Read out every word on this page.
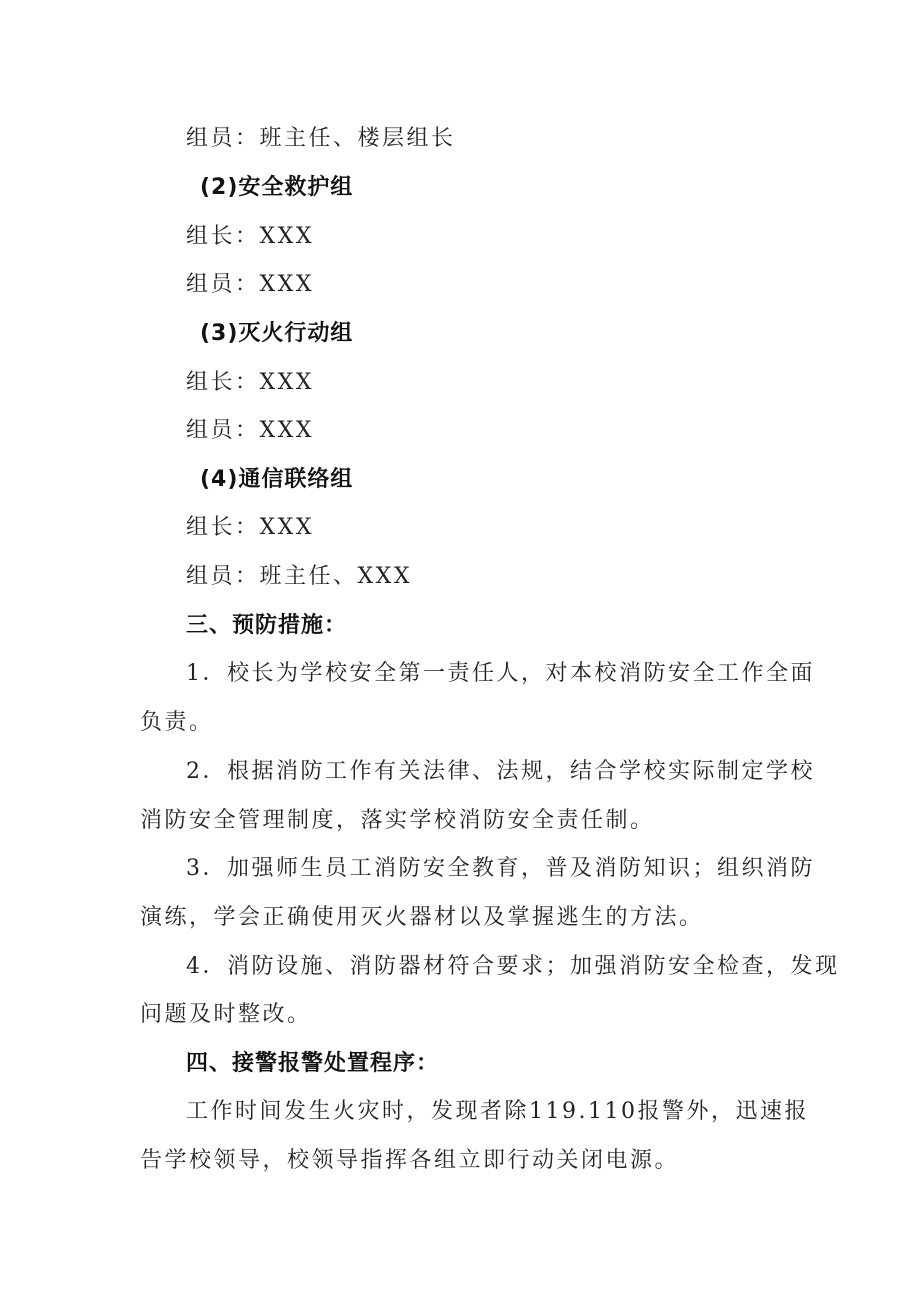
组员：班主任、楼层组长
(2)安全救护组
组长：XXX
组员：XXX
(3)灭火行动组
组长：XXX
组员：XXX
(4)通信联络组
组长：XXX
组员：班主任、XXX
三、预防措施：
1．校长为学校安全第一责任人，对本校消防安全工作全面
负责。
2．根据消防工作有关法律、法规，结合学校实际制定学校
消防安全管理制度，落实学校消防安全责任制。
3．加强师生员工消防安全教育，普及消防知识；组织消防
演练，学会正确使用灭火器材以及掌握逃生的方法。
4．消防设施、消防器材符合要求；加强消防安全检查，发现
问题及时整改。
四、接警报警处置程序：
工作时间发生火灾时，发现者除119.110报警外，迅速报
告学校领导，校领导指挥各组立即行动关闭电源。
